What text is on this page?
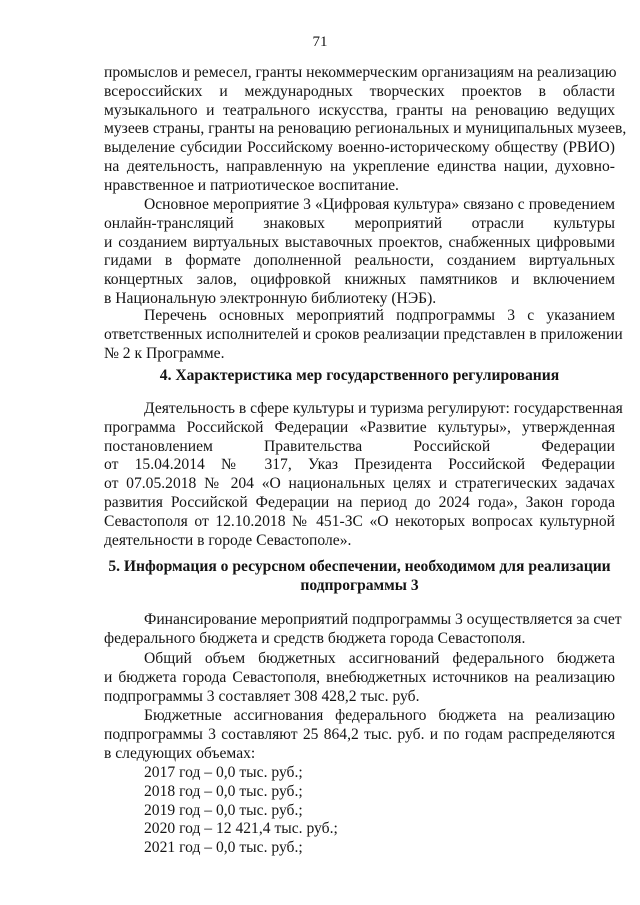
71
промыслов и ремесел, гранты некоммерческим организациям на реализацию
всероссийских и международных творческих проектов в области
музыкального и театрального искусства, гранты на реновацию ведущих
музеев страны, гранты на реновацию региональных и муниципальных музеев,
выделение субсидии Российскому военно-историческому обществу (РВИО)
на деятельность, направленную на укрепление единства нации, духовно-
нравственное и патриотическое воспитание.
Основное мероприятие 3 «Цифровая культура» связано с проведением
онлайн-трансляций знаковых мероприятий отрасли культуры
и созданием виртуальных выставочных проектов, снабженных цифровыми
гидами в формате дополненной реальности, созданием виртуальных
концертных залов, оцифровкой книжных памятников и включением
в Национальную электронную библиотеку (НЭБ).
Перечень основных мероприятий подпрограммы 3 с указанием
ответственных исполнителей и сроков реализации представлен в приложении
№ 2 к Программе.
4. Характеристика мер государственного регулирования
Деятельность в сфере культуры и туризма регулируют: государственная
программа Российской Федерации «Развитие культуры», утвержденная
постановлением Правительства Российской Федерации
от 15.04.2014 № 317, Указ Президента Российской Федерации
от 07.05.2018 № 204 «О национальных целях и стратегических задачах
развития Российской Федерации на период до 2024 года», Закон города
Севастополя от 12.10.2018 № 451-ЗС «О некоторых вопросах культурной
деятельности в городе Севастополе».
5. Информация о ресурсном обеспечении, необходимом для реализации
подпрограммы 3
Финансирование мероприятий подпрограммы 3 осуществляется за счет
федерального бюджета и средств бюджета города Севастополя.
Общий объем бюджетных ассигнований федерального бюджета
и бюджета города Севастополя, внебюджетных источников на реализацию
подпрограммы 3 составляет 308 428,2 тыс. руб.
Бюджетные ассигнования федерального бюджета на реализацию
подпрограммы 3 составляют 25 864,2 тыс. руб. и по годам распределяются
в следующих объемах:
2017 год – 0,0 тыс. руб.;
2018 год – 0,0 тыс. руб.;
2019 год – 0,0 тыс. руб.;
2020 год – 12 421,4 тыс. руб.;
2021 год – 0,0 тыс. руб.;
